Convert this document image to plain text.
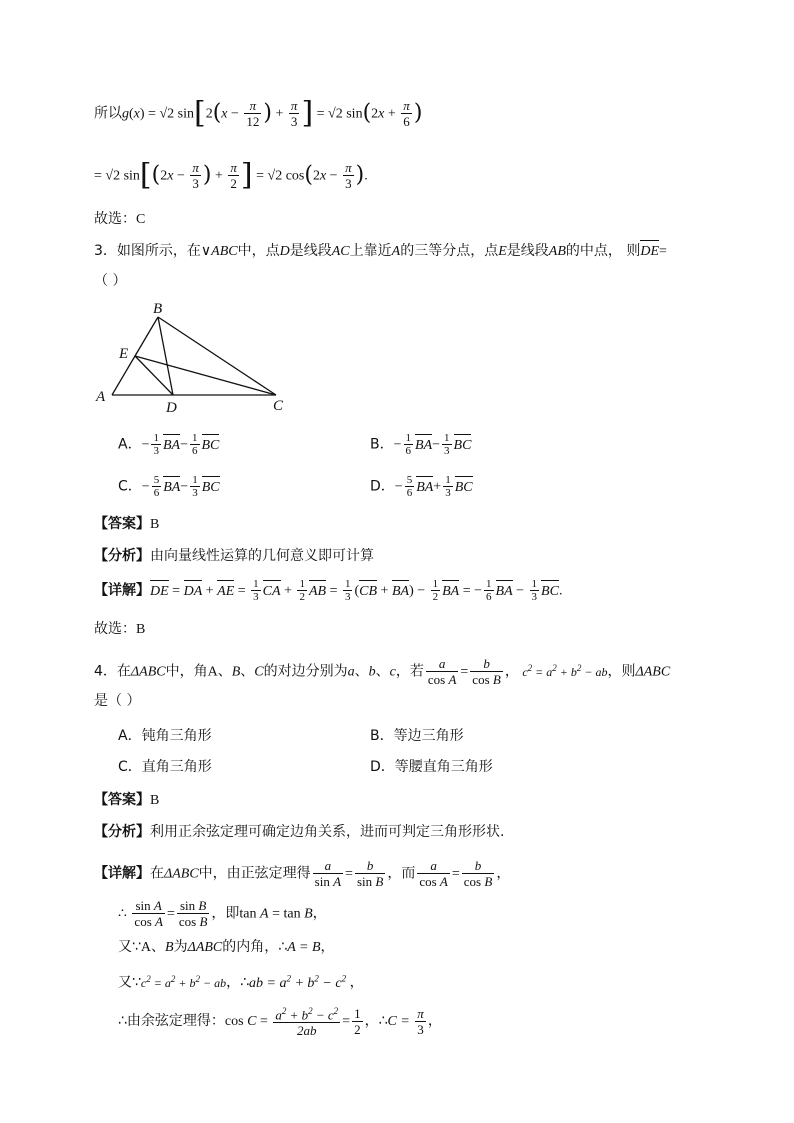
所以g(x) = √2 $\sin[2(x - \frac{\pi}{12}$ ) + $\frac{\pi}{3}$ ] = √2 $\sin(2x + \frac{\pi}{6}$ )
= √2 $\sin[(2x - \frac{\pi}{3}$ ) + $\frac{\pi}{2}$ ] = √2 $\cos(2x - \frac{\pi}{3}$ ).
故选：C
3．如图所示，在∨ABC中，点D是线段AC上靠近A的三等分点，点E是线段AB的中点， 则DE=
（ ）
A
B
C
D
E
A．− $\frac{1}{3} BA- \frac{1}{6}$ BC	B．− $\frac{1}{6} BA- \frac{1}{3}$ BC
C．− $\frac{5}{6} BA- \frac{1}{3}$ BC	D．− $\frac{5}{6} BA+ \frac{1}{3}$ BC
【答案】B
【分析】由向量线性运算的几何意义即可计算
【详解】DE = DA + AE = $\frac{1}{3}$ CA + $\frac{1}{2}$ AB = $\frac{1}{3} (CB + BA) - \frac{1}{2}$ BA = − $\frac{1}{6}$ BA − $\frac{1}{3}$ BC.
故选：B
4．在ΔABC中，角A、B、C的对边分别为a、b、c，若 $\frac{a}{\text{cos A}} = \frac{b}{\text{cos B}}$ ， $c^2 = a^2 + b^2$ − ab，则ΔABC
是（ ）
A．钝角三角形	B．等边三角形
C．直角三角形	D．等腰直角三角形
【答案】B
【分析】利用正余弦定理可确定边角关系，进而可判定三角形形状.
【详解】在ΔABC中，由正弦定理得 $\frac{a}{\text{sin A}} = \frac{b}{\text{sin B}}$ ，而 $\frac{a}{\text{cos A}} = \frac{b}{\text{cos B}}$ ，
∴ $\frac{\text{sin A}}{\text{cos A}} = \frac{\text{sin B}}{\text{cos B}}$ ，即tan A = tan B，
又∵A、B为ΔABC的内角，∴A = B，
又$\because c^2 = a^2 + b^2$ − ab，∴ab = $a^2 + b^2 - c^2$ ，
∴由余弦定理得：$\cos C = \frac{a^2 + b^2 - c^2}{2ab} = \frac{1}{2}$ ，∴C = $\frac{\pi}{3}$ ，
